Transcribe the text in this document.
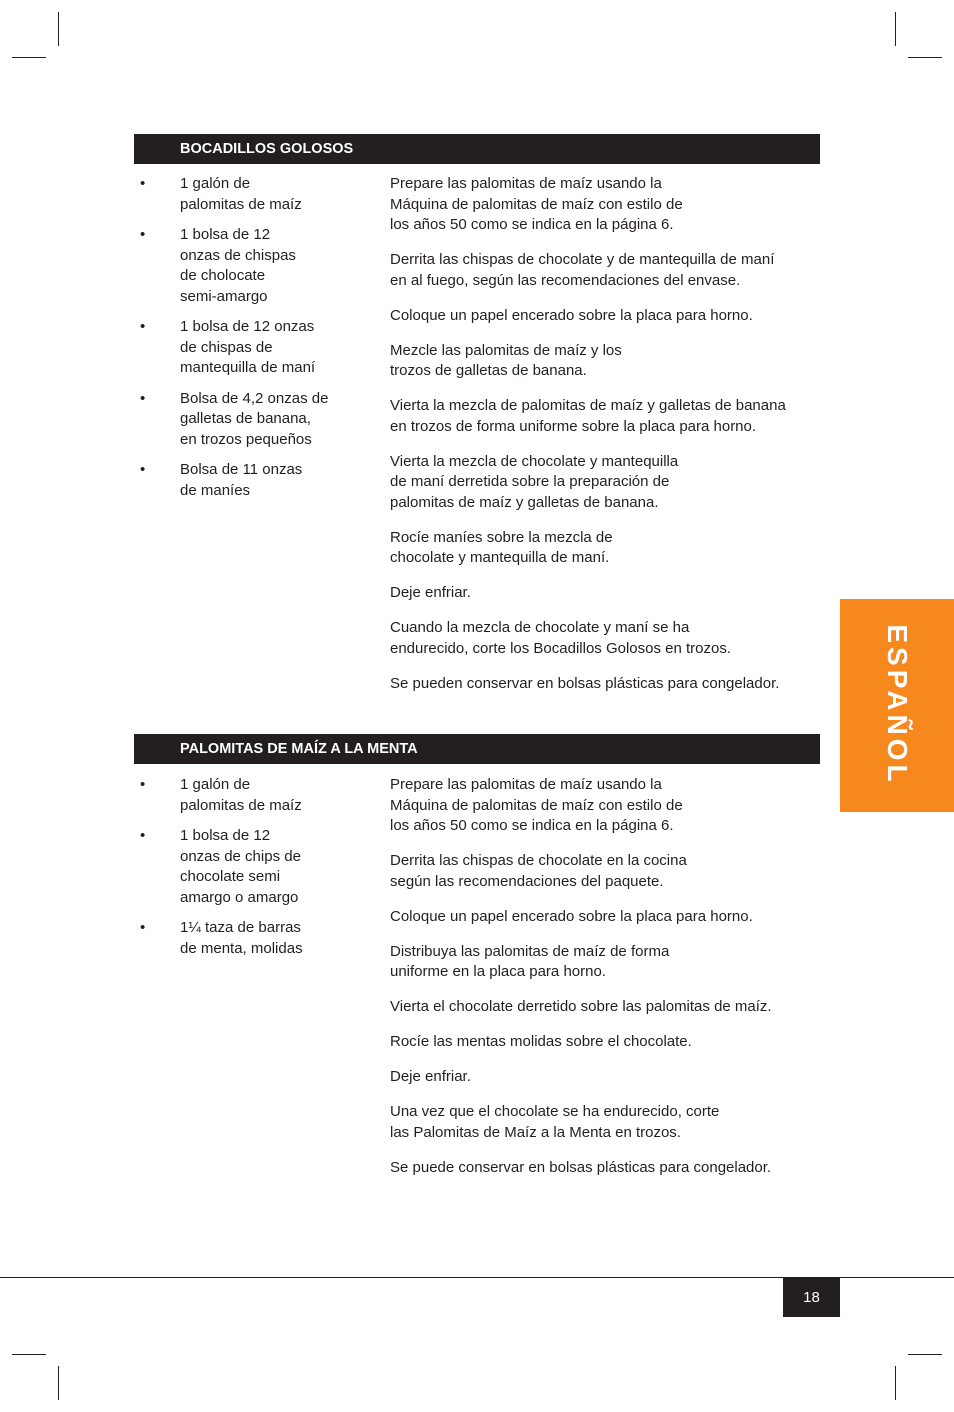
BOCADILLOS GOLOSOS
• 1 galón de
palomitas de maíz
• 1 bolsa de 12
onzas de chispas
de cholocate
semi-amargo
• 1 bolsa de 12 onzas
de chispas de
mantequilla de maní
• Bolsa de 4,2 onzas de
galletas de banana,
en trozos pequeños
• Bolsa de 11 onzas
de maníes

Prepare las palomitas de maíz usando la
Máquina de palomitas de maíz con estilo de
los años 50 como se indica en la página 6.

Derrita las chispas de chocolate y de mantequilla de maní
en al fuego, según las recomendaciones del envase.

Coloque un papel encerado sobre la placa para horno.

Mezcle las palomitas de maíz y los
trozos de galletas de banana.

Vierta la mezcla de palomitas de maíz y galletas de banana
en trozos de forma uniforme sobre la placa para horno.

Vierta la mezcla de chocolate y mantequilla
de maní derretida sobre la preparación de
palomitas de maíz y galletas de banana.

Rocíe maníes sobre la mezcla de
chocolate y mantequilla de maní.

Deje enfriar.

Cuando la mezcla de chocolate y maní se ha
endurecido, corte los Bocadillos Golosos en trozos.

Se pueden conservar en bolsas plásticas para congelador.

PALOMITAS DE MAÍZ A LA MENTA
• 1 galón de
palomitas de maíz
• 1 bolsa de 12
onzas de chips de
chocolate semi
amargo o amargo
• 1¼ taza de barras
de menta, molidas

Prepare las palomitas de maíz usando la
Máquina de palomitas de maíz con estilo de
los años 50 como se indica en la página 6.

Derrita las chispas de chocolate en la cocina
según las recomendaciones del paquete.

Coloque un papel encerado sobre la placa para horno.

Distribuya las palomitas de maíz de forma
uniforme en la placa para horno.

Vierta el chocolate derretido sobre las palomitas de maíz.

Rocíe las mentas molidas sobre el chocolate.

Deje enfriar.

Una vez que el chocolate se ha endurecido, corte
las Palomitas de Maíz a la Menta en trozos.

Se puede conservar en bolsas plásticas para congelador.

ESPAÑOL
18
